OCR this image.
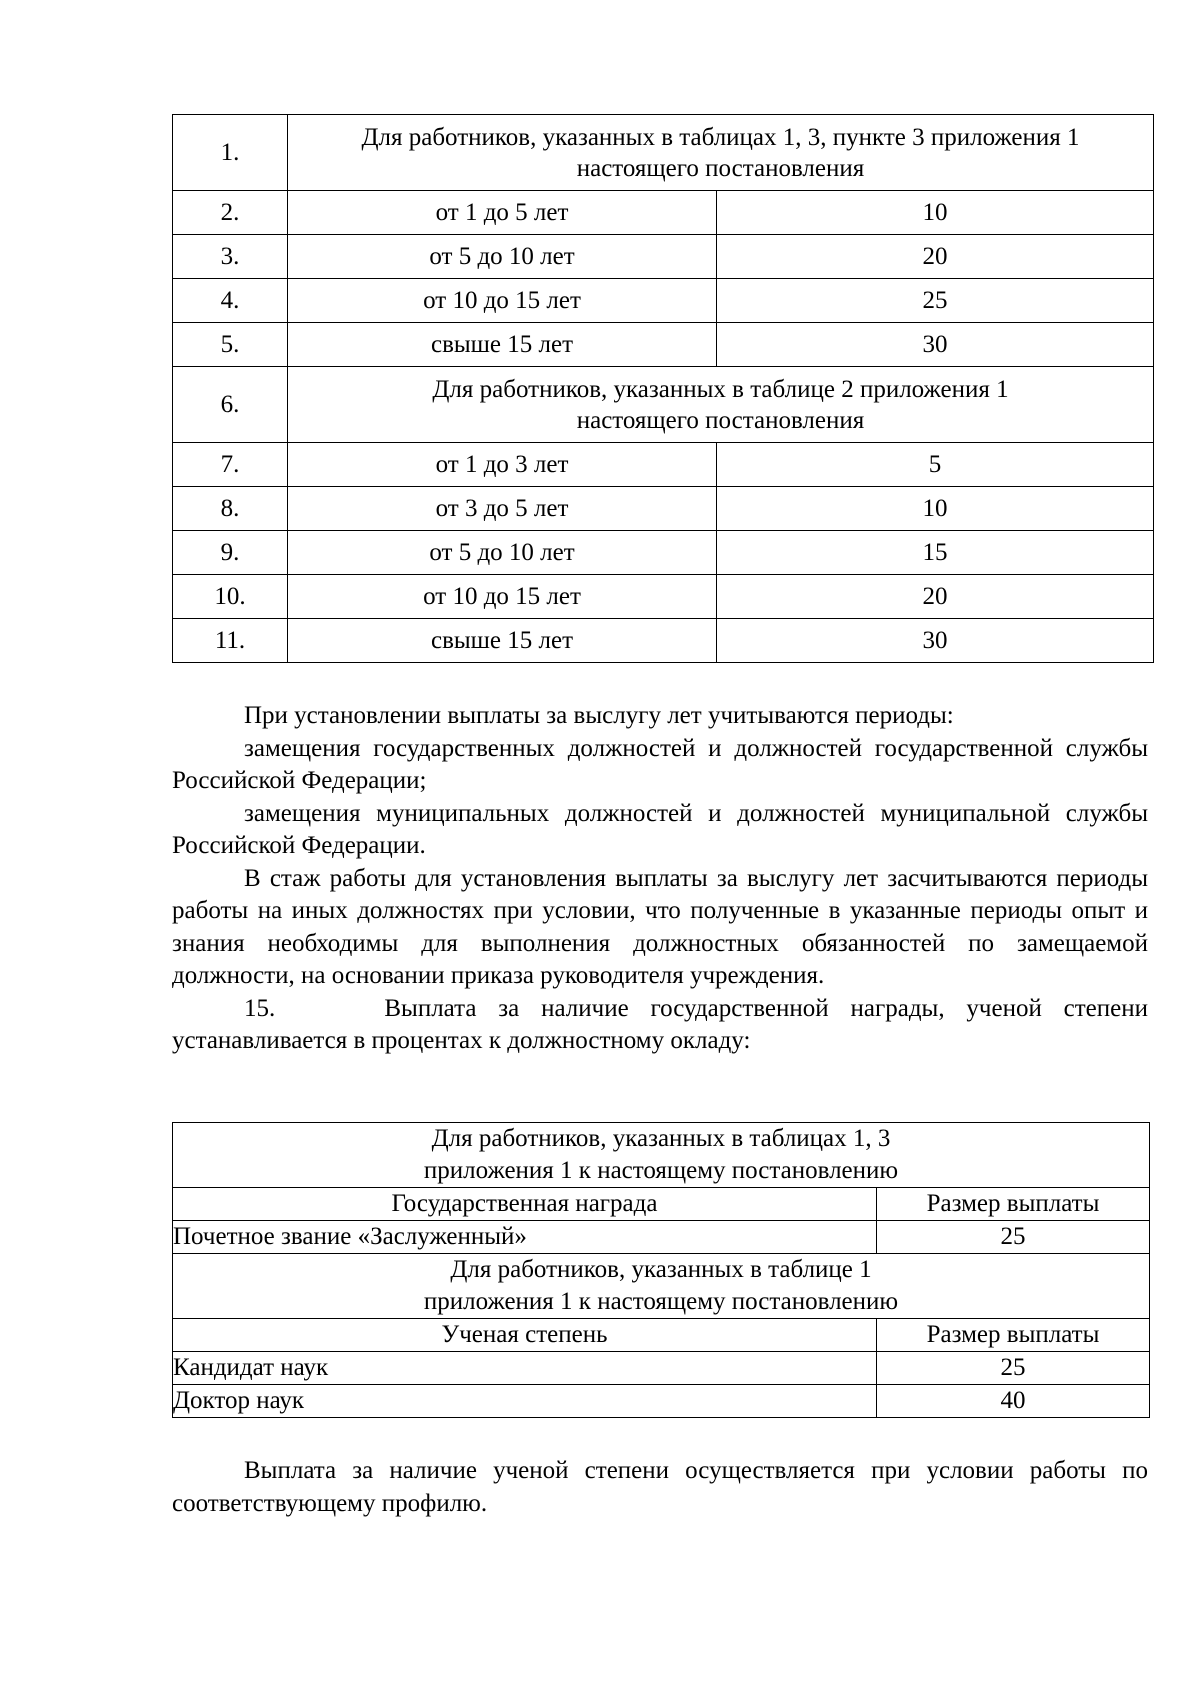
1.	Для работников, указанных в таблицах 1, 3, пункте 3 приложения 1 настоящего постановления	
2.	от 1 до 5 лет	10
3.	от 5 до 10 лет	20
4.	от 10 до 15 лет	25
5.	свыше 15 лет	30
6.	Для работников, указанных в таблице 2 приложения 1 настоящего постановления	
7.	от 1 до 3 лет	5
8.	от 3 до 5 лет	10
9.	от 5 до 10 лет	15
10.	от 10 до 15 лет	20
11.	свыше 15 лет	30

При установлении выплаты за выслугу лет учитываются периоды:

замещения государственных должностей и должностей государственной службы Российской Федерации;

замещения муниципальных должностей и должностей муниципальной службы Российской Федерации.

В стаж работы для установления выплаты за выслугу лет засчитываются периоды работы на иных должностях при условии, что полученные в указанные периоды опыт и знания необходимы для выполнения должностных обязанностей по замещаемой должности, на основании приказа руководителя учреждения.

15.	Выплата за наличие государственной награды, ученой степени устанавливается в процентах к должностному окладу:

Для работников, указанных в таблицах 1, 3
приложения 1 к настоящему постановлению	

Государственная награда	Размер выплаты
Почетное звание «Заслуженный»	25

Для работников, указанных в таблице 1
приложения 1 к настоящему постановлению	

Ученая степень	Размер выплаты
Кандидат наук	25
Доктор наук	40

Выплата за наличие ученой степени осуществляется при условии работы по соответствующему профилю.
